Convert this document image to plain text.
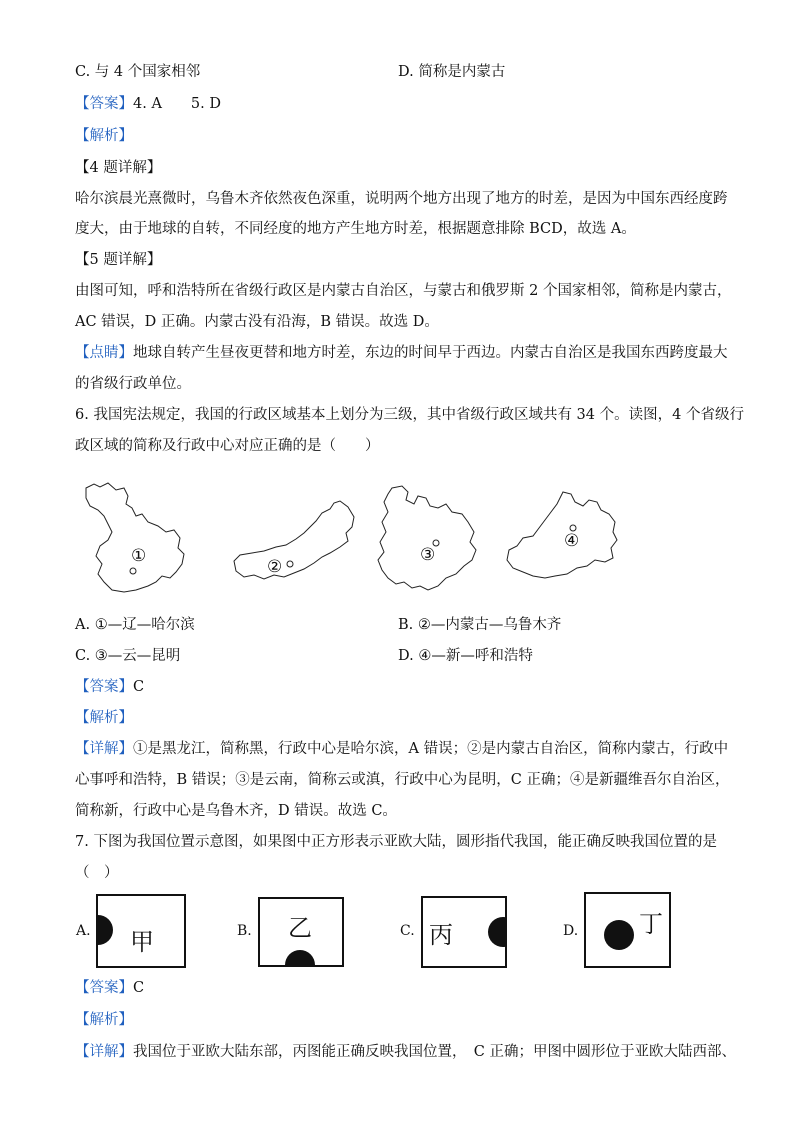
C. 与 4 个国家相邻	D. 简称是内蒙古
【答案】4. A　　5. D
【解析】
【4 题详解】
哈尔滨晨光熹微时，乌鲁木齐依然夜色深重，说明两个地方出现了地方的时差，是因为中国东西经度跨
度大，由于地球的自转，不同经度的地方产生地方时差，根据题意排除 BCD，故选 A。
【5 题详解】
由图可知，呼和浩特所在省级行政区是内蒙古自治区，与蒙古和俄罗斯 2 个国家相邻，简称是内蒙古，
AC 错误，D 正确。内蒙古没有沿海，B 错误。故选 D。
【点睛】地球自转产生昼夜更替和地方时差，东边的时间早于西边。内蒙古自治区是我国东西跨度最大
的省级行政单位。
6. 我国宪法规定，我国的行政区域基本上划分为三级，其中省级行政区域共有 34 个。读图，4 个省级行
政区域的简称及行政中心对应正确的是（　　）
①
②
③
④
A. ①—辽—哈尔滨	B. ②—内蒙古—乌鲁木齐
C. ③—云—昆明	D. ④—新—呼和浩特
【答案】C
【解析】
【详解】①是黑龙江，简称黑，行政中心是哈尔滨，A 错误；②是内蒙古自治区，简称内蒙古，行政中
心事呼和浩特，B 错误；③是云南，简称云或滇，行政中心为昆明，C 正确；④是新疆维吾尔自治区，
简称新，行政中心是乌鲁木齐，D 错误。故选 C。
7. 下图为我国位置示意图，如果图中正方形表示亚欧大陆，圆形指代我国，能正确反映我国位置的是
（　）
A. 甲	B. 乙	C. 丙	D.	丁
【答案】C
【解析】
【详解】我国位于亚欧大陆东部，丙图能正确反映我国位置，　C 正确；甲图中圆形位于亚欧大陆西部、
